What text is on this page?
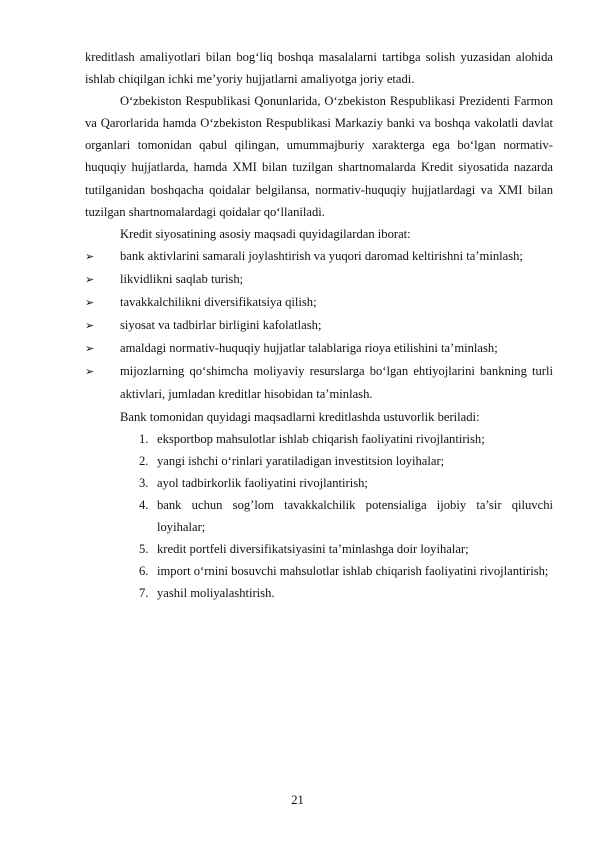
kreditlash amaliyotlari bilan bog‘liq boshqa masalalarni tartibga solish yuzasidan alohida ishlab chiqilgan ichki me’yoriy hujjatlarni amaliyotga joriy etadi.

O‘zbekiston Respublikasi Qonunlarida, O‘zbekiston Respublikasi Prezidenti Farmon va Qarorlarida hamda O‘zbekiston Respublikasi Markaziy banki va boshqa vakolatli davlat organlari tomonidan qabul qilingan, umummajburiy xarakterga ega bo‘lgan normativ-huquqiy hujjatlarda, hamda XMI bilan tuzilgan shartnomalarda Kredit siyosatida nazarda tutilganidan boshqacha qoidalar belgilansa, normativ-huquqiy hujjatlardagi va XMI bilan tuzilgan shartnomalardagi qoidalar qo‘llaniladi.

Kredit siyosatining asosiy maqsadi quyidagilardan iborat:

➢ bank aktivlarini samarali joylashtirish va yuqori daromad keltirishni ta’minlash;
➢ likvidlikni saqlab turish;
➢ tavakkalchilikni diversifikatsiya qilish;
➢ siyosat va tadbirlar birligini kafolatlash;
➢ amaldagi normativ-huquqiy hujjatlar talablariga rioya etilishini ta’minlash;
➢ mijozlarning qo‘shimcha moliyaviy resurslarga bo‘lgan ehtiyojlarini bankning turli aktivlari, jumladan kreditlar hisobidan ta’minlash.

Bank tomonidan quyidagi maqsadlarni kreditlashda ustuvorlik beriladi:

1. eksportbop mahsulotlar ishlab chiqarish faoliyatini rivojlantirish;
2. yangi ishchi o‘rinlari yaratiladigan investitsion loyihalar;
3. ayol tadbirkorlik faoliyatini rivojlantirish;
4. bank uchun sog’lom tavakkalchilik potensialiga ijobiy ta’sir qiluvchi loyihalar;
5. kredit portfeli diversifikatsiyasini ta’minlashga doir loyihalar;
6. import o‘rnini bosuvchi mahsulotlar ishlab chiqarish faoliyatini rivojlantirish;
7. yashil moliyalashtirish.
21
